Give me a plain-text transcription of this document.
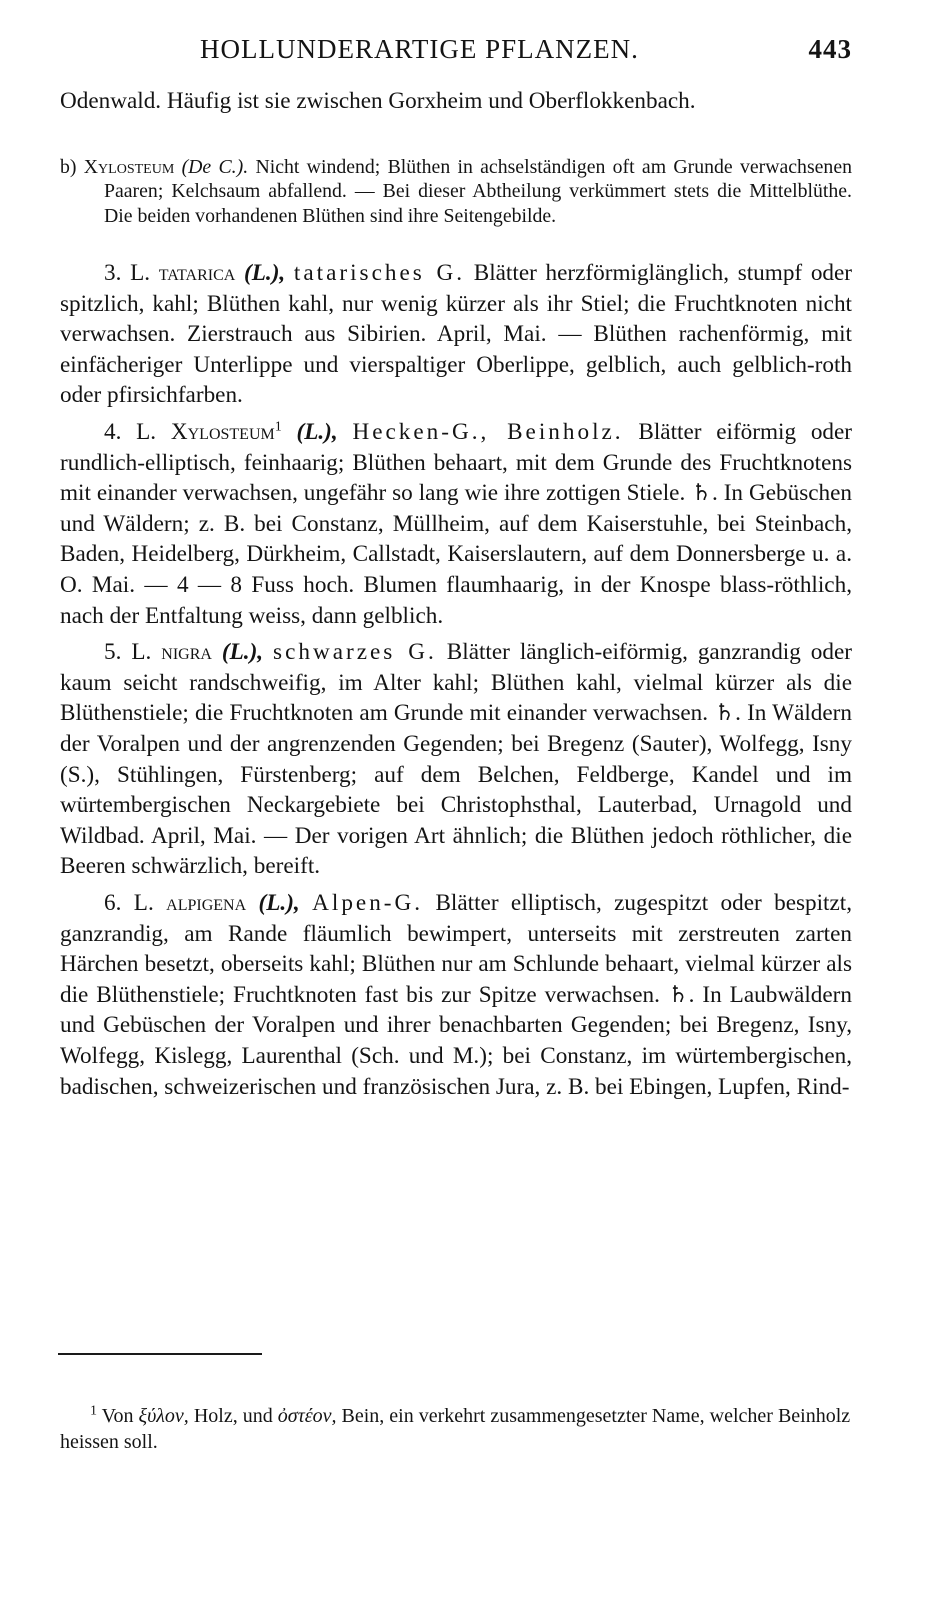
HOLLUNDERARTIGE PFLANZEN.	443

Odenwald. Häufig ist sie zwischen Gorxheim und Oberflokkenbach.

b) Xylosteum (De C.). Nicht windend; Blüthen in achselständigen oft am Grunde verwachsenen Paaren; Kelchsaum abfallend. — Bei dieser Abtheilung verkümmert stets die Mittelblüthe. Die beiden vorhandenen Blüthen sind ihre Seitengebilde.

3. L. tatarica (L.), tatarisches G. Blätter herzförmiglänglich, stumpf oder spitzlich, kahl; Blüthen kahl, nur wenig kürzer als ihr Stiel; die Fruchtknoten nicht verwachsen. Zierstrauch aus Sibirien. April, Mai. — Blüthen rachenförmig, mit einfächeriger Unterlippe und vierspaltiger Oberlippe, gelblich, auch gelblich-roth oder pfirsichfarben.

4. L. Xylosteum$^1$ (L.), Hecken-G., Beinholz. Blätter eiförmig oder rundlich-elliptisch, feinhaarig; Blüthen behaart, mit dem Grunde des Fruchtknotens mit einander verwachsen, ungefähr so lang wie ihre zottigen Stiele. ♄. In Gebüschen und Wäldern; z. B. bei Constanz, Müllheim, auf dem Kaiserstuhle, bei Steinbach, Baden, Heidelberg, Dürkheim, Callstadt, Kaiserslautern, auf dem Donnersberge u. a. O. Mai. — 4 — 8 Fuss hoch. Blumen flaumhaarig, in der Knospe blass-röthlich, nach der Entfaltung weiss, dann gelblich.

5. L. nigra (L.), schwarzes G. Blätter länglich-eiförmig, ganzrandig oder kaum seicht randschweifig, im Alter kahl; Blüthen kahl, vielmal kürzer als die Blüthenstiele; die Fruchtknoten am Grunde mit einander verwachsen. ♄. In Wäldern der Voralpen und der angrenzenden Gegenden; bei Bregenz (Sauter), Wolfegg, Isny (S.), Stühlingen, Fürstenberg; auf dem Belchen, Feldberge, Kandel und im würtembergischen Neckargebiete bei Christophsthal, Lauterbad, Urnagold und Wildbad. April, Mai. — Der vorigen Art ähnlich; die Blüthen jedoch röthlicher, die Beeren schwärzlich, bereift.

6. L. alpigena (L.), Alpen-G. Blätter elliptisch, zugespitzt oder bespitzt, ganzrandig, am Rande fläumlich bewimpert, unterseits mit zerstreuten zarten Härchen besetzt, oberseits kahl; Blüthen nur am Schlunde behaart, vielmal kürzer als die Blüthenstiele; Fruchtknoten fast bis zur Spitze verwachsen. ♄. In Laubwäldern und Gebüschen der Voralpen und ihrer benachbarten Gegenden; bei Bregenz, Isny, Wolfegg, Kislegg, Laurenthal (Sch. und M.); bei Constanz, im würtembergischen, badischen, schweizerischen und französischen Jura, z. B. bei Ebingen, Lupfen, Rind-

$^1$ Von ξύλον, Holz, und ὀστέον, Bein, ein verkehrt zusammengesetzter Name, welcher Beinholz heissen soll.
